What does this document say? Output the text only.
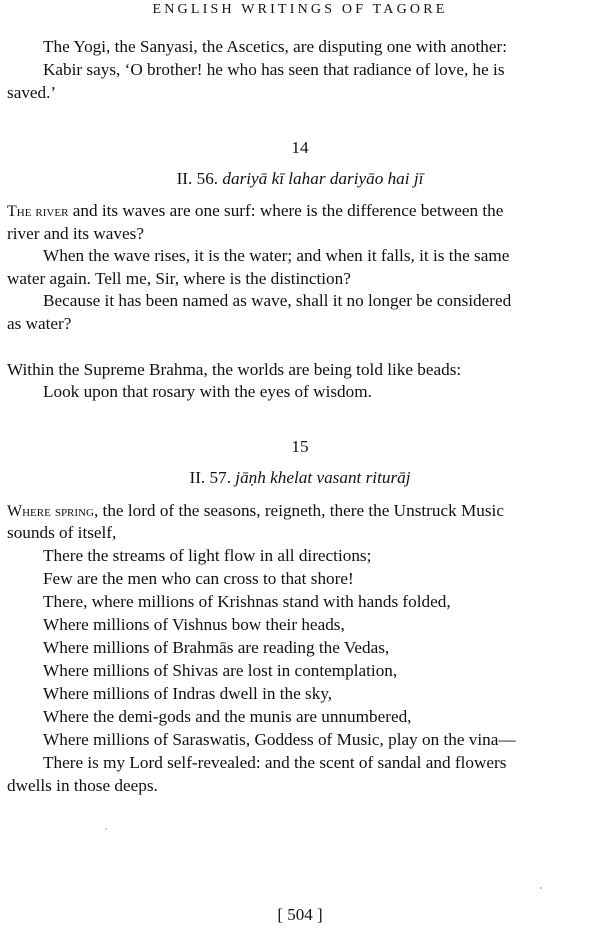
ENGLISH WRITINGS OF TAGORE
The Yogi, the Sanyasi, the Ascetics, are disputing one with another:
Kabir says, ‘O brother! he who has seen that radiance of love, he is
saved.’
14
II. 56. dariyā kī lahar dariyāo hai jī
The river and its waves are one surf: where is the difference between the
river and its waves?
When the wave rises, it is the water; and when it falls, it is the same
water again. Tell me, Sir, where is the distinction?
Because it has been named as wave, shall it no longer be considered
as water?
Within the Supreme Brahma, the worlds are being told like beads:
Look upon that rosary with the eyes of wisdom.
15
II. 57. jāṇh khelat vasant riturāj
Where spring, the lord of the seasons, reigneth, there the Unstruck Music
sounds of itself,
There the streams of light flow in all directions;
Few are the men who can cross to that shore!
There, where millions of Krishnas stand with hands folded,
Where millions of Vishnus bow their heads,
Where millions of Brahmās are reading the Vedas,
Where millions of Shivas are lost in contemplation,
Where millions of Indras dwell in the sky,
Where the demi-gods and the munis are unnumbered,
Where millions of Saraswatis, Goddess of Music, play on the vina—
There is my Lord self-revealed: and the scent of sandal and flowers
dwells in those deeps.
[ 504 ]
